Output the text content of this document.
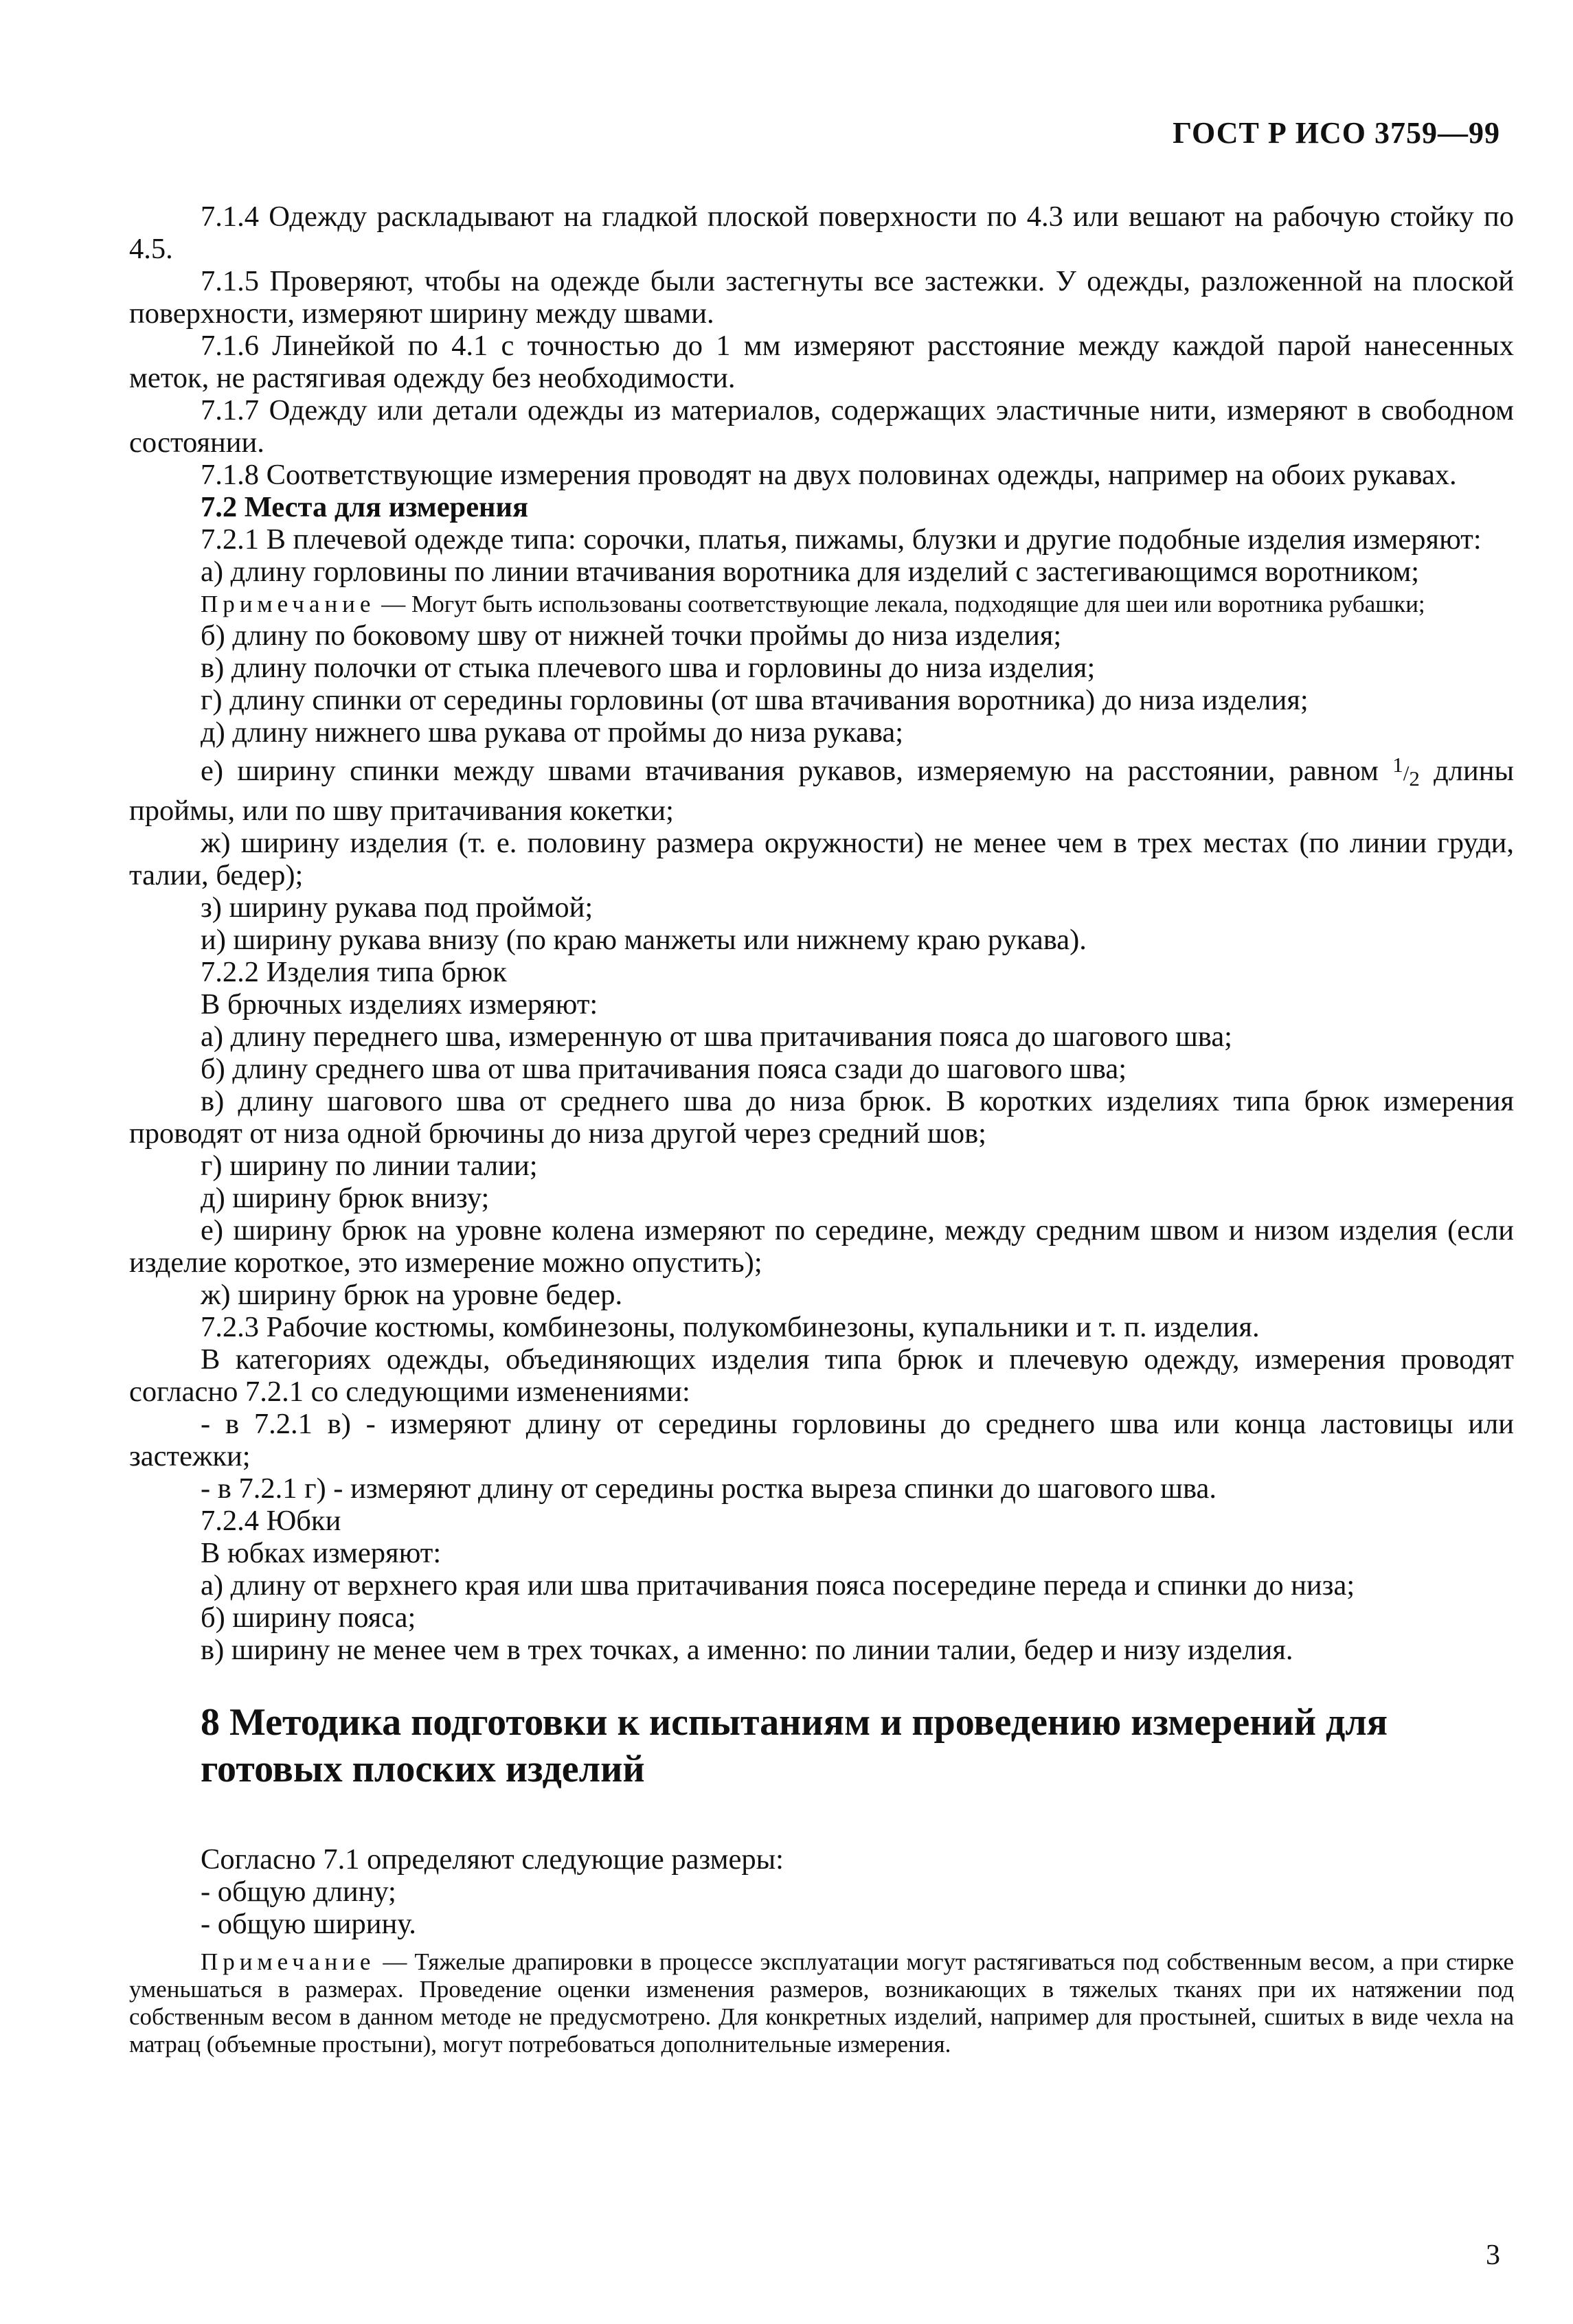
ГОСТ Р ИСО 3759—99

7.1.4 Одежду раскладывают на гладкой плоской поверхности по 4.3 или вешают на рабочую стойку по 4.5.

7.1.5 Проверяют, чтобы на одежде были застегнуты все застежки. У одежды, разложенной на плоской поверхности, измеряют ширину между швами.

7.1.6 Линейкой по 4.1 с точностью до 1 мм измеряют расстояние между каждой парой нанесенных меток, не растягивая одежду без необходимости.

7.1.7 Одежду или детали одежды из материалов, содержащих эластичные нити, измеряют в свободном состоянии.

7.1.8 Соответствующие измерения проводят на двух половинах одежды, например на обоих рукавах.

7.2 Места для измерения

7.2.1 В плечевой одежде типа: сорочки, платья, пижамы, блузки и другие подобные изделия измеряют:

а) длину горловины по линии втачивания воротника для изделий с застегивающимся воротником;

Примечание — Могут быть использованы соответствующие лекала, подходящие для шеи или воротника рубашки;

б) длину по боковому шву от нижней точки проймы до низа изделия;

в) длину полочки от стыка плечевого шва и горловины до низа изделия;

г) длину спинки от середины горловины (от шва втачивания воротника) до низа изделия;

д) длину нижнего шва рукава от проймы до низа рукава;

е) ширину спинки между швами втачивания рукавов, измеряемую на расстоянии, равном 1/2 длины проймы, или по шву притачивания кокетки;

ж) ширину изделия (т. е. половину размера окружности) не менее чем в трех местах (по линии груди, талии, бедер);

з) ширину рукава под проймой;

и) ширину рукава внизу (по краю манжеты или нижнему краю рукава).

7.2.2 Изделия типа брюк

В брючных изделиях измеряют:

а) длину переднего шва, измеренную от шва притачивания пояса до шагового шва;

б) длину среднего шва от шва притачивания пояса сзади до шагового шва;

в) длину шагового шва от среднего шва до низа брюк. В коротких изделиях типа брюк измерения проводят от низа одной брючины до низа другой через средний шов;

г) ширину по линии талии;

д) ширину брюк внизу;

е) ширину брюк на уровне колена измеряют по середине, между средним швом и низом изделия (если изделие короткое, это измерение можно опустить);

ж) ширину брюк на уровне бедер.

7.2.3 Рабочие костюмы, комбинезоны, полукомбинезоны, купальники и т. п. изделия.

В категориях одежды, объединяющих изделия типа брюк и плечевую одежду, измерения проводят согласно 7.2.1 со следующими изменениями:

- в 7.2.1 в) - измеряют длину от середины горловины до среднего шва или конца ластовицы или застежки;

- в 7.2.1 г) - измеряют длину от середины ростка выреза спинки до шагового шва.

7.2.4 Юбки

В юбках измеряют:

а) длину от верхнего края или шва притачивания пояса посередине переда и спинки до низа;

б) ширину пояса;

в) ширину не менее чем в трех точках, а именно: по линии талии, бедер и низу изделия.

8 Методика подготовки к испытаниям и проведению измерений для готовых плоских изделий

Согласно 7.1 определяют следующие размеры:

- общую длину;

- общую ширину.

Примечание — Тяжелые драпировки в процессе эксплуатации могут растягиваться под собственным весом, а при стирке уменьшаться в размерах. Проведение оценки изменения размеров, возникающих в тяжелых тканях при их натяжении под собственным весом в данном методе не предусмотрено. Для конкретных изделий, например для простыней, сшитых в виде чехла на матрац (объемные простыни), могут потребоваться дополнительные измерения.

3
